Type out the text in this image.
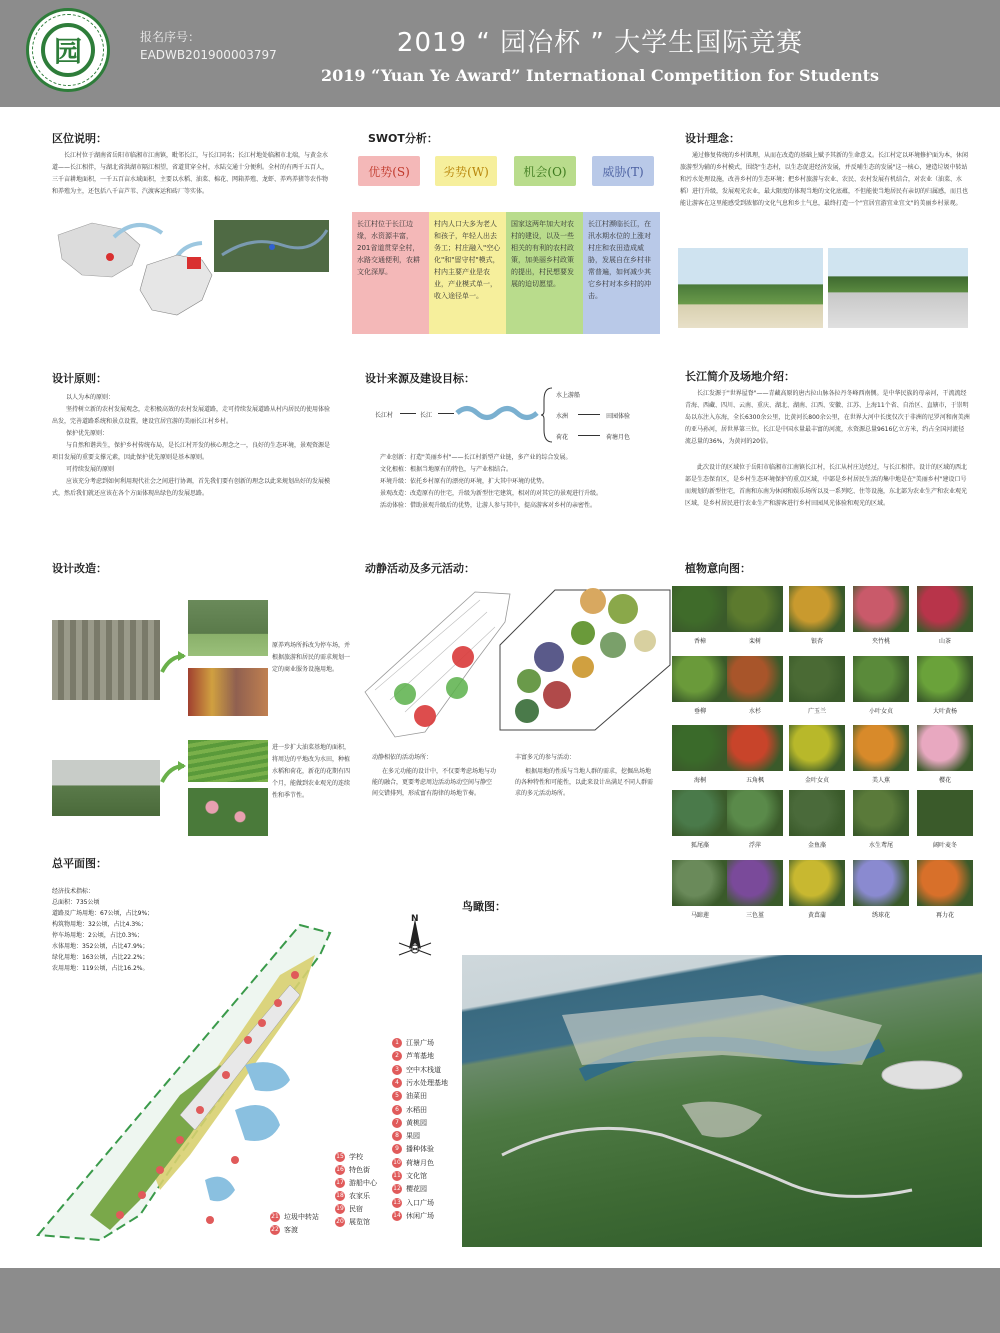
园	报名序号：
EADWB201900003797	2019 “ 园冶杯 ” 大学生国际竞赛
2019 “Yuan Ye Award” International Competition for Students
区位说明：
长江村位于湖南省岳阳市临湘市江南镇，毗邻长江，与长江同名；长江村地处临湘市北端，与黄金水道——长江相伴，与湖北省洪湖市隔江相望，省道贯穿全村，水陆交通十分便利。全村的有两千五百人，三千亩耕地面积，一千五百亩水域面积，主要以水稻、油菜、棉花、网箱养殖、龙虾、养鸡养猪等农作物和养殖为主，还包括八千亩芦苇、汽渡客运和砖厂等实体。
SWOT分析：
优势(S)	劣势(W)	机会(O)	威胁(T)
长江村位于长江边缘，水资源丰富，201省道贯穿全村，水路交通便利，农耕文化深厚。
村内人口大多为老人和孩子，年轻人出去务工；村庄融入"空心化"和"留守村"模式，村内主要产业是农业，产业模式单一，收入途径单一。
国家这两年加大对农村的建设，以及一些相关的有利的农村政策，加美丽乡村政策的提出，村民想要发展的迫切愿望。
长江村濒临长江，在汛水期水位的上涨对村庄和农田造成威胁，发展自在乡村非常普遍，如何减少其它乡村对本乡村的冲击。
设计理念：
通过修复传统的乡村肌理，从而在改造的基础上赋予其新的生命意义。长江村定以环境修护面为本，休闲旅游型为辅的乡村模式，围绕"生态村，以生态促进经济发展，并反哺生态的发展"这一核心，建造垃圾中转站和污水处理设施，改善乡村的生态环境；把乡村旅游与农业、农民、农村发展有机结合，对农业（油菜、水稻）进行升级，发展观光农业，最大限度的体现当地的文化底蕴，不但能使当地居民有亲切的归属感，而且也能让游客在这里能感受到浓郁的文化气息和乡土气息，最终打造一个"宜居宜游宜业宜文"的美丽乡村景观。
设计原则：
以人为本的原则：
坚持树立新的农村发展观念，走积极高效的农村发展道路，走可持续发展道路从村内居民的使用体验出发，完善道路系统和景点设置，建设宜居宜游的美丽长江村乡村。
保护优先原则：
与自然和谐共生，保护乡村传统布局，是长江村开发的核心理念之一，良好的生态环境，景观资源是项目发展的重要支撑元素，因此保护优先原则是基本原则。
可持续发展的原则
应该充分考虑到如何利用现代社会之间进行协调，首先我们要有创新的理念以此来规划出好的发展模式，然后我们就还应该在各个方面体现出绿色的发展思路。
设计来源及建设目标：
长江村	长江
水上游船
水洲
荷花
田园体验
荷塘月色
产业创新：打造"美丽乡村"——长江村新型产业链，多产业的综合发展。
文化根植：根据当地原有的特色，与产业相结合。
环境升级：依托乡村原有的漂亮的环境，扩大其中环境的优势。
景观改造：改造原有的住宅，升级为新型住宅建筑，相对的对其它的景观进行升级。
活动体验：借助景观升级后的优势，让游人参与其中，提高游客对乡村的亲密性。
长江简介及场地介绍：
长江发源于"世界屋脊"——青藏高原的唐古拉山脉各拉丹冬峰西南侧。是中华民族的母亲河，干流流经青海、西藏、四川、云南、重庆、湖北、湖南、江西、安徽、江苏、上海11个省、自治区、直辖市，于崇明岛以东注入东海，全长6300余公里，比黄河长800余公里，在世界大河中长度仅次于非洲的尼罗河和南美洲的亚马孙河，居世界第三位。长江是中国水量最丰富的河流，水资源总量9616亿立方米，约占全国河流径流总量的36%，为黄河的20倍。
此次设计的区域位于岳阳市临湘市江南镇长江村，长江从村庄边经过，与长江相伴。设计的区域的西北部是生态保育区，是乡村生态环境保护的重点区域，中部是乡村居民生活的集中地是在"美丽乡村"建设口号而规划的新型住宅，首南和东南为休闲和娱乐场所以及一系列吃、住等设施，东北部为农业生产和农业观光区域，是乡村居民进行农业生产和游客进行乡村田园风光体验和观光的区域。
设计改造：
原养鸡场所拆改为停车场，并根据旅游和居民的需求规划一定的商业服务设施用地。
进一步扩大油菜基地的面积，将周边的平地改为水田，种植水稻和荷花，新花的花期有四个月，能做到农业观光的连续性和季节性。
动静活动及多元活动：
动静相依的活动场所：
在多元功能的设计中，不仅要考虑场地与功能的融合，更要考虑周边活动场动空间与静空间交错排列，形成富有韵律的场地节奏。
丰富多元的参与活动：
根据用地的性质与当地人群的需求，挖掘出场地的各种特性和可能性，以此来设计出满足不同人群需求的多元活动场所。
植物意向图：
香樟	栾树	银杏	夹竹桃	山茶
垂柳	水杉	广玉兰	小叶女贞	大叶黄杨
海桐	五角枫	金叶女贞	美人蕉	樱花
狐尾藻	浮萍	金鱼藻	水生鸢尾	阔叶麦冬
马蹄莲	三色堇	黄菖蒲	绣球花	再力花
总平面图：
经济技术指标：
总面积：735公顷
道路及广场用地：67公顷，占比9%；
构筑物用地：32公顷，占比4.3%；
停车场用地：2公顷，占比0.3%；
水体用地：352公顷，占比47.9%；
绿化用地：163公顷，占比22.2%；
农用用地：119公顷，占比16.2%。
N
1	江景广场
2	芦苇基地
3	空中木栈道
4	污水处理基地
5	油菜田
6	水稻田
7	黄桃园
8	果园
9	播种体验
10 荷塘月色
11 文化馆
12 樱花园
13 入口广场
14 休闲广场
15 学校
16 特色街
17 游船中心
18 农家乐
19 民宿
20 展览馆
21 垃圾中转站
22 客渡
鸟瞰图：
